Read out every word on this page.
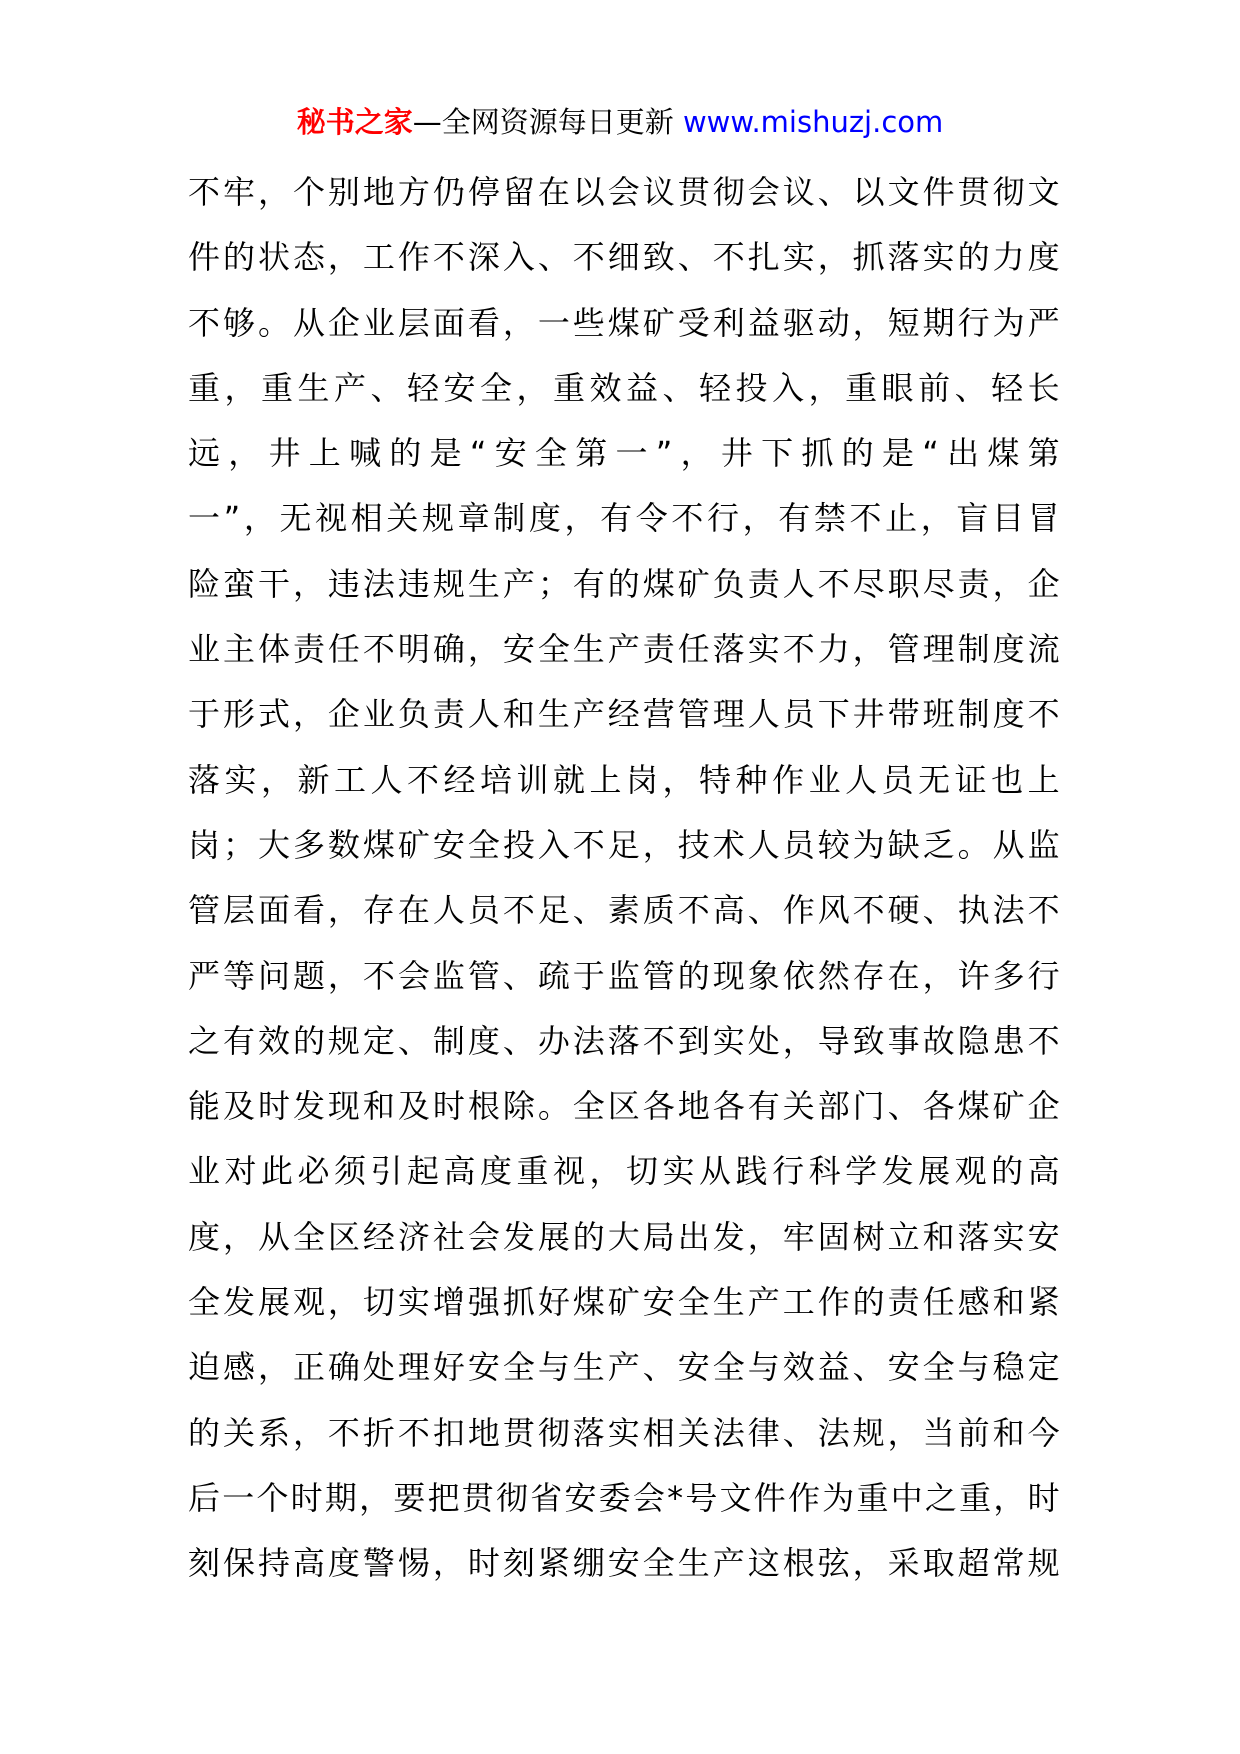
秘书之家—全网资源每日更新 www.mishuzj.com
不牢，个别地方仍停留在以会议贯彻会议、以文件贯彻文
件的状态，工作不深入、不细致、不扎实，抓落实的力度
不够。从企业层面看，一些煤矿受利益驱动，短期行为严
重，重生产、轻安全，重效益、轻投入，重眼前、轻长
远，井上喊的是“安全第一”，井下抓的是“出煤第
一”，无视相关规章制度，有令不行，有禁不止，盲目冒
险蛮干，违法违规生产；有的煤矿负责人不尽职尽责，企
业主体责任不明确，安全生产责任落实不力，管理制度流
于形式，企业负责人和生产经营管理人员下井带班制度不
落实，新工人不经培训就上岗，特种作业人员无证也上
岗；大多数煤矿安全投入不足，技术人员较为缺乏。从监
管层面看，存在人员不足、素质不高、作风不硬、执法不
严等问题，不会监管、疏于监管的现象依然存在，许多行
之有效的规定、制度、办法落不到实处，导致事故隐患不
能及时发现和及时根除。全区各地各有关部门、各煤矿企
业对此必须引起高度重视，切实从践行科学发展观的高
度，从全区经济社会发展的大局出发，牢固树立和落实安
全发展观，切实增强抓好煤矿安全生产工作的责任感和紧
迫感，正确处理好安全与生产、安全与效益、安全与稳定
的关系，不折不扣地贯彻落实相关法律、法规，当前和今
后一个时期，要把贯彻省安委会*号文件作为重中之重，时
刻保持高度警惕，时刻紧绷安全生产这根弦，采取超常规
